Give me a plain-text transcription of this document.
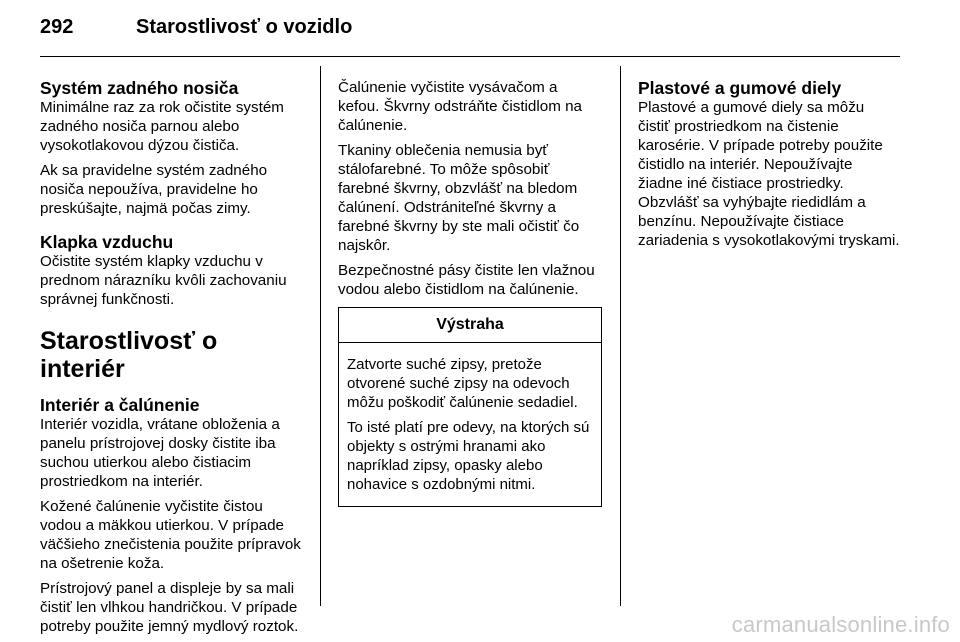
292	Starostlivosť o vozidlo
Systém zadného nosiča

Minimálne raz za rok očistite systém zadného nosiča parnou alebo vysokotlakovou dýzou čističa.

Ak sa pravidelne systém zadného nosiča nepoužíva, pravidelne ho preskúšajte, najmä počas zimy.

Klapka vzduchu

Očistite systém klapky vzduchu v prednom nárazníku kvôli zachovaniu správnej funkčnosti.

Starostlivosť o interiér
Interiér a čalúnenie

Interiér vozidla, vrátane obloženia a panelu prístrojovej dosky čistite iba suchou utierkou alebo čistiacim prostriedkom na interiér.

Kožené čalúnenie vyčistite čistou vodou a mäkkou utierkou. V prípade väčšieho znečistenia použite prípravok na ošetrenie koža.

Prístrojový panel a displeje by sa mali čistiť len vlhkou handričkou. V prípade potreby použite jemný mydlový roztok.

Čalúnenie vyčistite vysávačom a kefou. Škvrny odstráňte čistidlom na čalúnenie.

Tkaniny oblečenia nemusia byť stálofarebné. To môže spôsobiť farebné škvrny, obzvlášť na bledom čalúnení. Odstrániteľné škvrny a farebné škvrny by ste mali očistiť čo najskôr.

Bezpečnostné pásy čistite len vlažnou vodou alebo čistidlom na čalúnenie.

Výstraha

Zatvorte suché zipsy, pretože otvorené suché zipsy na odevoch môžu poškodiť čalúnenie sedadiel.

To isté platí pre odevy, na ktorých sú objekty s ostrými hranami ako napríklad zipsy, opasky alebo nohavice s ozdobnými nitmi.

Plastové a gumové diely

Plastové a gumové diely sa môžu čistiť prostriedkom na čistenie karosérie. V prípade potreby použite čistidlo na interiér. Nepoužívajte žiadne iné čistiace prostriedky. Obzvlášť sa vyhýbajte riedidlám a benzínu. Nepoužívajte čistiace zariadenia s vysokotlakovými tryskami.

carmanualsonline.info
